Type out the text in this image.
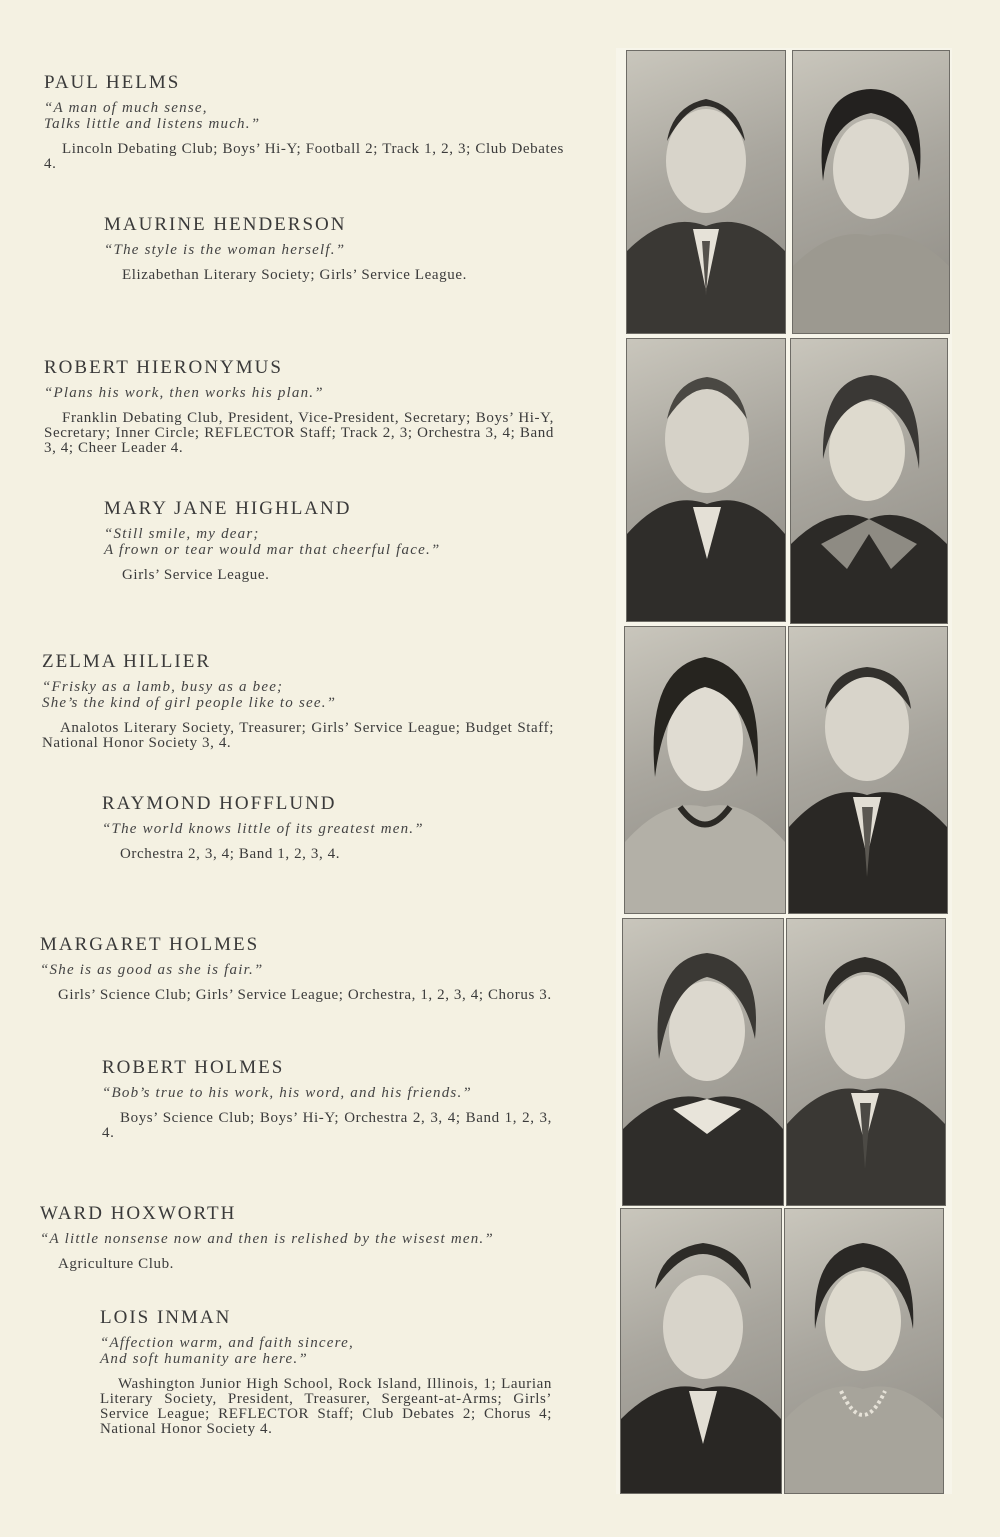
PAUL HELMS
“A man of much sense,
Talks little and listens much.”
Lincoln Debating Club; Boys’ Hi-Y; Football 2; Track 1, 2, 3; Club Debates 4.
MAURINE HENDERSON
“The style is the woman herself.”
Elizabethan Literary Society; Girls’ Service League.
ROBERT HIERONYMUS
“Plans his work, then works his plan.”
Franklin Debating Club, President, Vice-President, Secretary; Boys’ Hi-Y, Secretary; Inner Circle; REFLECTOR Staff; Track 2, 3; Orchestra 3, 4; Band 3, 4; Cheer Leader 4.
MARY JANE HIGHLAND
“Still smile, my dear;
A frown or tear would mar that cheerful face.”
Girls’ Service League.
ZELMA HILLIER
“Frisky as a lamb, busy as a bee;
She’s the kind of girl people like to see.”
Analotos Literary Society, Treasurer; Girls’ Service League; Budget Staff; National Honor Society 3, 4.
RAYMOND HOFFLUND
“The world knows little of its greatest men.”
Orchestra 2, 3, 4; Band 1, 2, 3, 4.
MARGARET HOLMES
“She is as good as she is fair.”
Girls’ Science Club; Girls’ Service League; Orchestra, 1, 2, 3, 4; Chorus 3.
ROBERT HOLMES
“Bob’s true to his work, his word, and his friends.”
Boys’ Science Club; Boys’ Hi-Y; Orchestra 2, 3, 4; Band 1, 2, 3, 4.
WARD HOXWORTH
“A little nonsense now and then is relished by the wisest men.”
Agriculture Club.
LOIS INMAN
“Affection warm, and faith sincere,
And soft humanity are here.”
Washington Junior High School, Rock Island, Illinois, 1; Laurian Literary Society, President, Treasurer, Sergeant-at-Arms; Girls’ Service League; REFLECTOR Staff; Club Debates 2; Chorus 4; National Honor Society 4.
